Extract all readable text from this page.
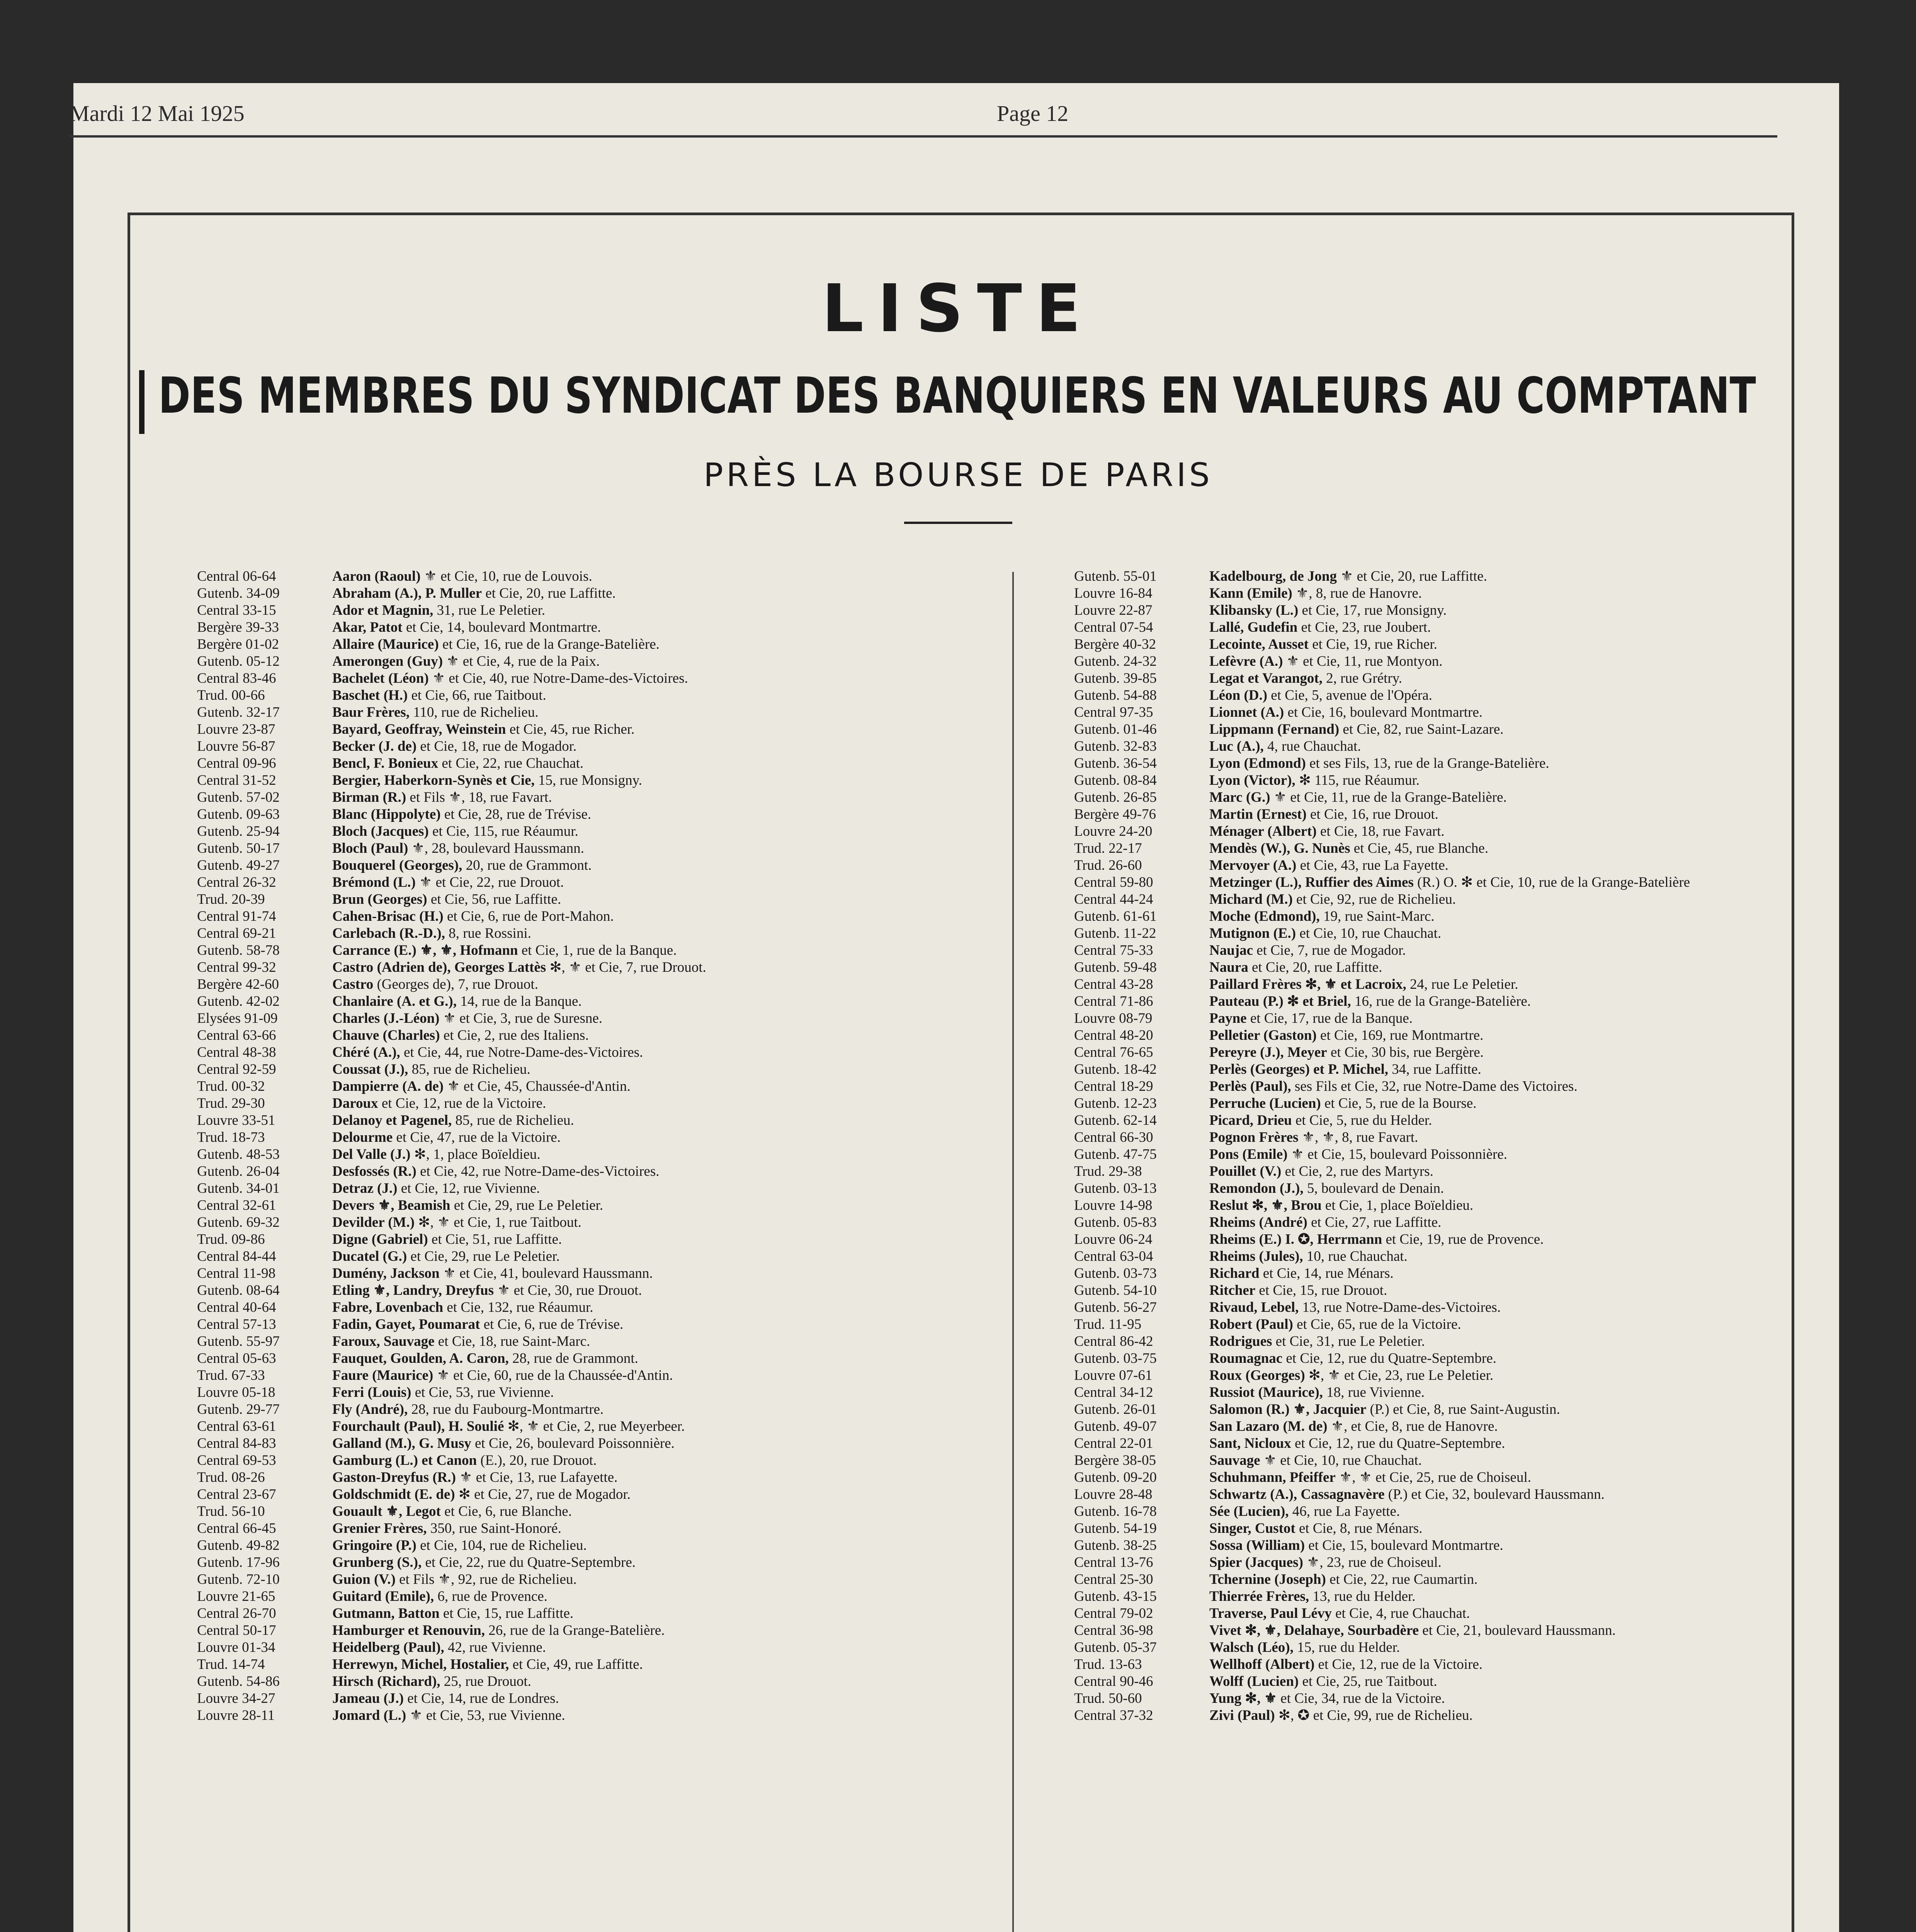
Mardi 12 Mai 1925	Page 12
LISTE
DES MEMBRES DU SYNDICAT DES BANQUIERS EN VALEURS AU COMPTANT
PRÈS LA BOURSE DE PARIS
Central 06-64	Aaron (Raoul) ⚜ et Cie, 10, rue de Louvois.
Gutenb. 34-09	Abraham (A.), P. Muller et Cie, 20, rue Laffitte.
Central 33-15	Ador et Magnin, 31, rue Le Peletier.
Bergère 39-33	Akar, Patot et Cie, 14, boulevard Montmartre.
Bergère 01-02	Allaire (Maurice) et Cie, 16, rue de la Grange-Batelière.
Gutenb. 05-12	Amerongen (Guy) ⚜ et Cie, 4, rue de la Paix.
Central 83-46	Bachelet (Léon) ⚜ et Cie, 40, rue Notre-Dame-des-Victoires.
Trud. 00-66	Baschet (H.) et Cie, 66, rue Taitbout.
Gutenb. 32-17	Baur Frères, 110, rue de Richelieu.
Louvre 23-87	Bayard, Geoffray, Weinstein et Cie, 45, rue Richer.
Louvre 56-87	Becker (J. de) et Cie, 18, rue de Mogador.
Central 09-96	Bencl, F. Bonieux et Cie, 22, rue Chauchat.
Central 31-52	Bergier, Haberkorn-Synès et Cie, 15, rue Monsigny.
Gutenb. 57-02	Birman (R.) et Fils ⚜, 18, rue Favart.
Gutenb. 09-63	Blanc (Hippolyte) et Cie, 28, rue de Trévise.
Gutenb. 25-94	Bloch (Jacques) et Cie, 115, rue Réaumur.
Gutenb. 50-17	Bloch (Paul) ⚜, 28, boulevard Haussmann.
Gutenb. 49-27	Bouquerel (Georges), 20, rue de Grammont.
Central 26-32	Brémond (L.) ⚜ et Cie, 22, rue Drouot.
Trud. 20-39	Brun (Georges) et Cie, 56, rue Laffitte.
Central 91-74	Cahen-Brisac (H.) et Cie, 6, rue de Port-Mahon.
Central 69-21	Carlebach (R.-D.), 8, rue Rossini.
Gutenb. 58-78	Carrance (E.) ⚜, ⚜, Hofmann et Cie, 1, rue de la Banque.
Central 99-32	Castro (Adrien de), Georges Lattès ✻, ⚜ et Cie, 7, rue Drouot.
Bergère 42-60	Castro (Georges de), 7, rue Drouot.
Gutenb. 42-02	Chanlaire (A. et G.), 14, rue de la Banque.
Elysées 91-09	Charles (J.-Léon) ⚜ et Cie, 3, rue de Suresne.
Central 63-66	Chauve (Charles) et Cie, 2, rue des Italiens.
Central 48-38	Chéré (A.), et Cie, 44, rue Notre-Dame-des-Victoires.
Central 92-59	Coussat (J.), 85, rue de Richelieu.
Trud. 00-32	Dampierre (A. de) ⚜ et Cie, 45, Chaussée-d'Antin.
Trud. 29-30	Daroux et Cie, 12, rue de la Victoire.
Louvre 33-51	Delanoy et Pagenel, 85, rue de Richelieu.
Trud. 18-73	Delourme et Cie, 47, rue de la Victoire.
Gutenb. 48-53	Del Valle (J.) ✻, 1, place Boïeldieu.
Gutenb. 26-04	Desfossés (R.) et Cie, 42, rue Notre-Dame-des-Victoires.
Gutenb. 34-01	Detraz (J.) et Cie, 12, rue Vivienne.
Central 32-61	Devers ⚜, Beamish et Cie, 29, rue Le Peletier.
Gutenb. 69-32	Devilder (M.) ✻, ⚜ et Cie, 1, rue Taitbout.
Trud. 09-86	Digne (Gabriel) et Cie, 51, rue Laffitte.
Central 84-44	Ducatel (G.) et Cie, 29, rue Le Peletier.
Central 11-98	Dumény, Jackson ⚜ et Cie, 41, boulevard Haussmann.
Gutenb. 08-64	Etling ⚜, Landry, Dreyfus ⚜ et Cie, 30, rue Drouot.
Central 40-64	Fabre, Lovenbach et Cie, 132, rue Réaumur.
Central 57-13	Fadin, Gayet, Poumarat et Cie, 6, rue de Trévise.
Gutenb. 55-97	Faroux, Sauvage et Cie, 18, rue Saint-Marc.
Central 05-63	Fauquet, Goulden, A. Caron, 28, rue de Grammont.
Trud. 67-33	Faure (Maurice) ⚜ et Cie, 60, rue de la Chaussée-d'Antin.
Louvre 05-18	Ferri (Louis) et Cie, 53, rue Vivienne.
Gutenb. 29-77	Fly (André), 28, rue du Faubourg-Montmartre.
Central 63-61	Fourchault (Paul), H. Soulié ✻, ⚜ et Cie, 2, rue Meyerbeer.
Central 84-83	Galland (M.), G. Musy et Cie, 26, boulevard Poissonnière.
Central 69-53	Gamburg (L.) et Canon (E.), 20, rue Drouot.
Trud. 08-26	Gaston-Dreyfus (R.) ⚜ et Cie, 13, rue Lafayette.
Central 23-67	Goldschmidt (E. de) ✻ et Cie, 27, rue de Mogador.
Trud. 56-10	Gouault ⚜, Legot et Cie, 6, rue Blanche.
Central 66-45	Grenier Frères, 350, rue Saint-Honoré.
Gutenb. 49-82	Gringoire (P.) et Cie, 104, rue de Richelieu.
Gutenb. 17-96	Grunberg (S.), et Cie, 22, rue du Quatre-Septembre.
Gutenb. 72-10	Guion (V.) et Fils ⚜, 92, rue de Richelieu.
Louvre 21-65	Guitard (Emile), 6, rue de Provence.
Central 26-70	Gutmann, Batton et Cie, 15, rue Laffitte.
Central 50-17	Hamburger et Renouvin, 26, rue de la Grange-Batelière.
Louvre 01-34	Heidelberg (Paul), 42, rue Vivienne.
Trud. 14-74	Herrewyn, Michel, Hostalier, et Cie, 49, rue Laffitte.
Gutenb. 54-86	Hirsch (Richard), 25, rue Drouot.
Louvre 34-27	Jameau (J.) et Cie, 14, rue de Londres.
Louvre 28-11	Jomard (L.) ⚜ et Cie, 53, rue Vivienne.
Gutenb. 55-01	Kadelbourg, de Jong ⚜ et Cie, 20, rue Laffitte.
Louvre 16-84	Kann (Emile) ⚜, 8, rue de Hanovre.
Louvre 22-87	Klibansky (L.) et Cie, 17, rue Monsigny.
Central 07-54	Lallé, Gudefin et Cie, 23, rue Joubert.
Bergère 40-32	Lecointe, Ausset et Cie, 19, rue Richer.
Gutenb. 24-32	Lefèvre (A.) ⚜ et Cie, 11, rue Montyon.
Gutenb. 39-85	Legat et Varangot, 2, rue Grétry.
Gutenb. 54-88	Léon (D.) et Cie, 5, avenue de l'Opéra.
Central 97-35	Lionnet (A.) et Cie, 16, boulevard Montmartre.
Gutenb. 01-46	Lippmann (Fernand) et Cie, 82, rue Saint-Lazare.
Gutenb. 32-83	Luc (A.), 4, rue Chauchat.
Gutenb. 36-54	Lyon (Edmond) et ses Fils, 13, rue de la Grange-Batelière.
Gutenb. 08-84	Lyon (Victor), ✻ 115, rue Réaumur.
Gutenb. 26-85	Marc (G.) ⚜ et Cie, 11, rue de la Grange-Batelière.
Bergère 49-76	Martin (Ernest) et Cie, 16, rue Drouot.
Louvre 24-20	Ménager (Albert) et Cie, 18, rue Favart.
Trud. 22-17	Mendès (W.), G. Nunès et Cie, 45, rue Blanche.
Trud. 26-60	Mervoyer (A.) et Cie, 43, rue La Fayette.
Central 59-80	Metzinger (L.), Ruffier des Aimes (R.) O. ✻ et Cie, 10, rue de la Grange-Batelière
Central 44-24	Michard (M.) et Cie, 92, rue de Richelieu.
Gutenb. 61-61	Moche (Edmond), 19, rue Saint-Marc.
Gutenb. 11-22	Mutignon (E.) et Cie, 10, rue Chauchat.
Central 75-33	Naujac et Cie, 7, rue de Mogador.
Gutenb. 59-48	Naura et Cie, 20, rue Laffitte.
Central 43-28	Paillard Frères ✻, ⚜ et Lacroix, 24, rue Le Peletier.
Central 71-86	Pauteau (P.) ✻ et Briel, 16, rue de la Grange-Batelière.
Louvre 08-79	Payne et Cie, 17, rue de la Banque.
Central 48-20	Pelletier (Gaston) et Cie, 169, rue Montmartre.
Central 76-65	Pereyre (J.), Meyer et Cie, 30 bis, rue Bergère.
Gutenb. 18-42	Perlès (Georges) et P. Michel, 34, rue Laffitte.
Central 18-29	Perlès (Paul), ses Fils et Cie, 32, rue Notre-Dame des Victoires.
Gutenb. 12-23	Perruche (Lucien) et Cie, 5, rue de la Bourse.
Gutenb. 62-14	Picard, Drieu et Cie, 5, rue du Helder.
Central 66-30	Pognon Frères ⚜, ⚜, 8, rue Favart.
Gutenb. 47-75	Pons (Emile) ⚜ et Cie, 15, boulevard Poissonnière.
Trud. 29-38	Pouillet (V.) et Cie, 2, rue des Martyrs.
Gutenb. 03-13	Remondon (J.), 5, boulevard de Denain.
Louvre 14-98	Reslut ✻, ⚜, Brou et Cie, 1, place Boïeldieu.
Gutenb. 05-83	Rheims (André) et Cie, 27, rue Laffitte.
Louvre 06-24	Rheims (E.) I. ✪, Herrmann et Cie, 19, rue de Provence.
Central 63-04	Rheims (Jules), 10, rue Chauchat.
Gutenb. 03-73	Richard et Cie, 14, rue Ménars.
Gutenb. 54-10	Ritcher et Cie, 15, rue Drouot.
Gutenb. 56-27	Rivaud, Lebel, 13, rue Notre-Dame-des-Victoires.
Trud. 11-95	Robert (Paul) et Cie, 65, rue de la Victoire.
Central 86-42	Rodrigues et Cie, 31, rue Le Peletier.
Gutenb. 03-75	Roumagnac et Cie, 12, rue du Quatre-Septembre.
Louvre 07-61	Roux (Georges) ✻, ⚜ et Cie, 23, rue Le Peletier.
Central 34-12	Russiot (Maurice), 18, rue Vivienne.
Gutenb. 26-01	Salomon (R.) ⚜, Jacquier (P.) et Cie, 8, rue Saint-Augustin.
Gutenb. 49-07	San Lazaro (M. de) ⚜, et Cie, 8, rue de Hanovre.
Central 22-01	Sant, Nicloux et Cie, 12, rue du Quatre-Septembre.
Bergère 38-05	Sauvage ⚜ et Cie, 10, rue Chauchat.
Gutenb. 09-20	Schuhmann, Pfeiffer ⚜, ⚜ et Cie, 25, rue de Choiseul.
Louvre 28-48	Schwartz (A.), Cassagnavère (P.) et Cie, 32, boulevard Haussmann.
Gutenb. 16-78	Sée (Lucien), 46, rue La Fayette.
Gutenb. 54-19	Singer, Custot et Cie, 8, rue Ménars.
Gutenb. 38-25	Sossa (William) et Cie, 15, boulevard Montmartre.
Central 13-76	Spier (Jacques) ⚜, 23, rue de Choiseul.
Central 25-30	Tchernine (Joseph) et Cie, 22, rue Caumartin.
Gutenb. 43-15	Thierrée Frères, 13, rue du Helder.
Central 79-02	Traverse, Paul Lévy et Cie, 4, rue Chauchat.
Central 36-98	Vivet ✻, ⚜, Delahaye, Sourbadère et Cie, 21, boulevard Haussmann.
Gutenb. 05-37	Walsch (Léo), 15, rue du Helder.
Trud. 13-63	Wellhoff (Albert) et Cie, 12, rue de la Victoire.
Central 90-46	Wolff (Lucien) et Cie, 25, rue Taitbout.
Trud. 50-60	Yung ✻, ⚜ et Cie, 34, rue de la Victoire.
Central 37-32	Zivi (Paul) ✻, ✪ et Cie, 99, rue de Richelieu.
